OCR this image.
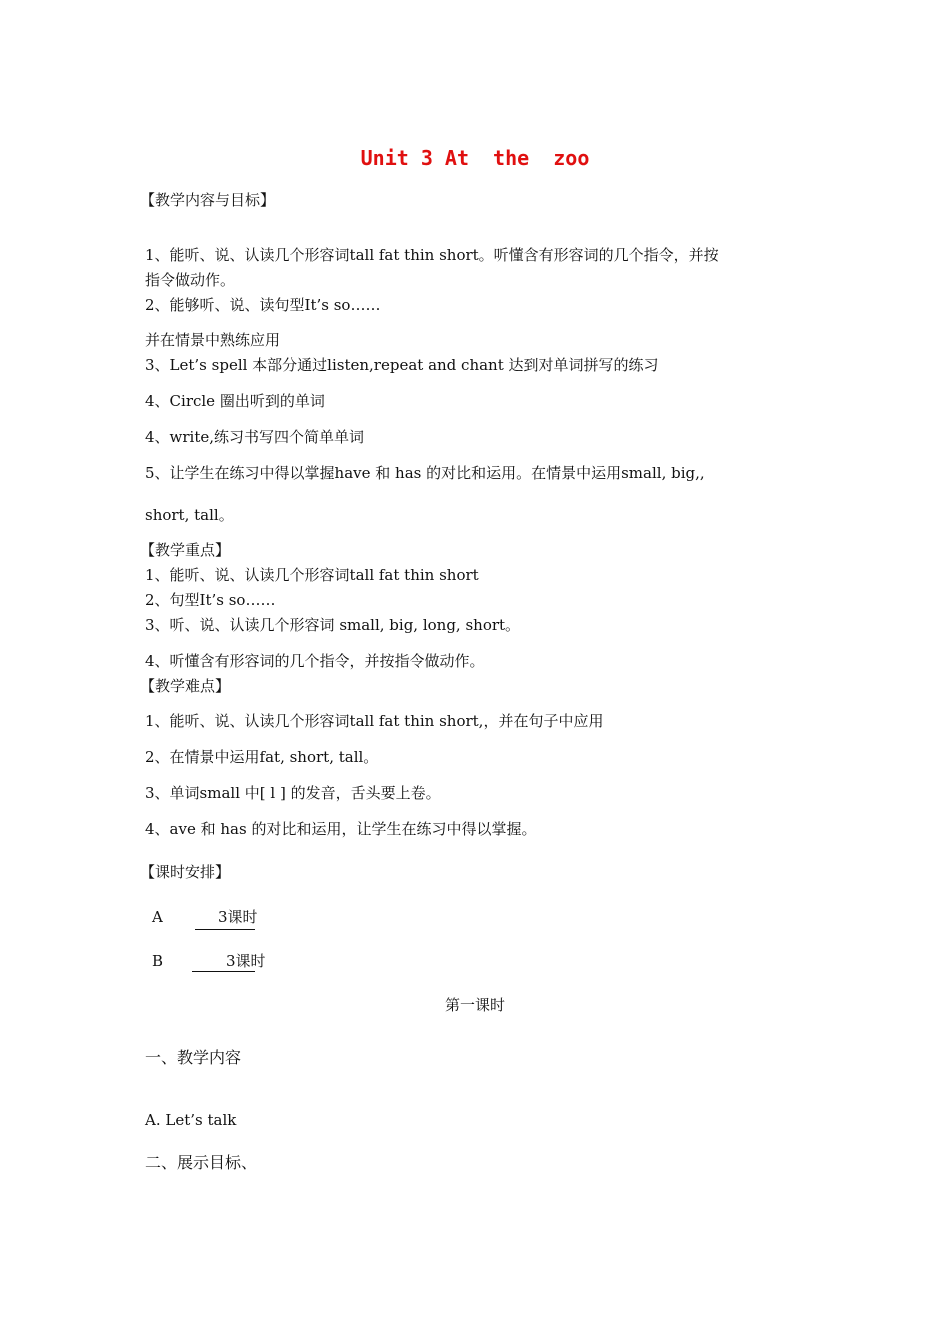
Unit 3 At  the  zoo
【教学内容与目标】
1、能听、说、认读几个形容词tall fat thin short。听懂含有形容词的几个指令，并按
指令做动作。
2、能够听、说、读句型It’s so……
并在情景中熟练应用
3、Let’s spell 本部分通过listen,repeat and chant 达到对单词拼写的练习
4、Circle 圈出听到的单词
4、write,练习书写四个简单单词
5、让学生在练习中得以掌握have 和 has 的对比和运用。在情景中运用small, big,,
short, tall。
【教学重点】
1、能听、说、认读几个形容词tall fat thin short
2、句型It’s so……
3、听、说、认读几个形容词 small, big, long, short。
4、听懂含有形容词的几个指令，并按指令做动作。
【教学难点】
1、能听、说、认读几个形容词tall fat thin short,，并在句子中应用
2、在情景中运用fat, short, tall。
3、单词small 中[ l ] 的发音，舌头要上卷。
4、ave 和 has 的对比和运用，让学生在练习中得以掌握。
【课时安排】
A	3课时
B	3课时
第一课时
一、教学内容
A. Let’s talk
二、展示目标、
